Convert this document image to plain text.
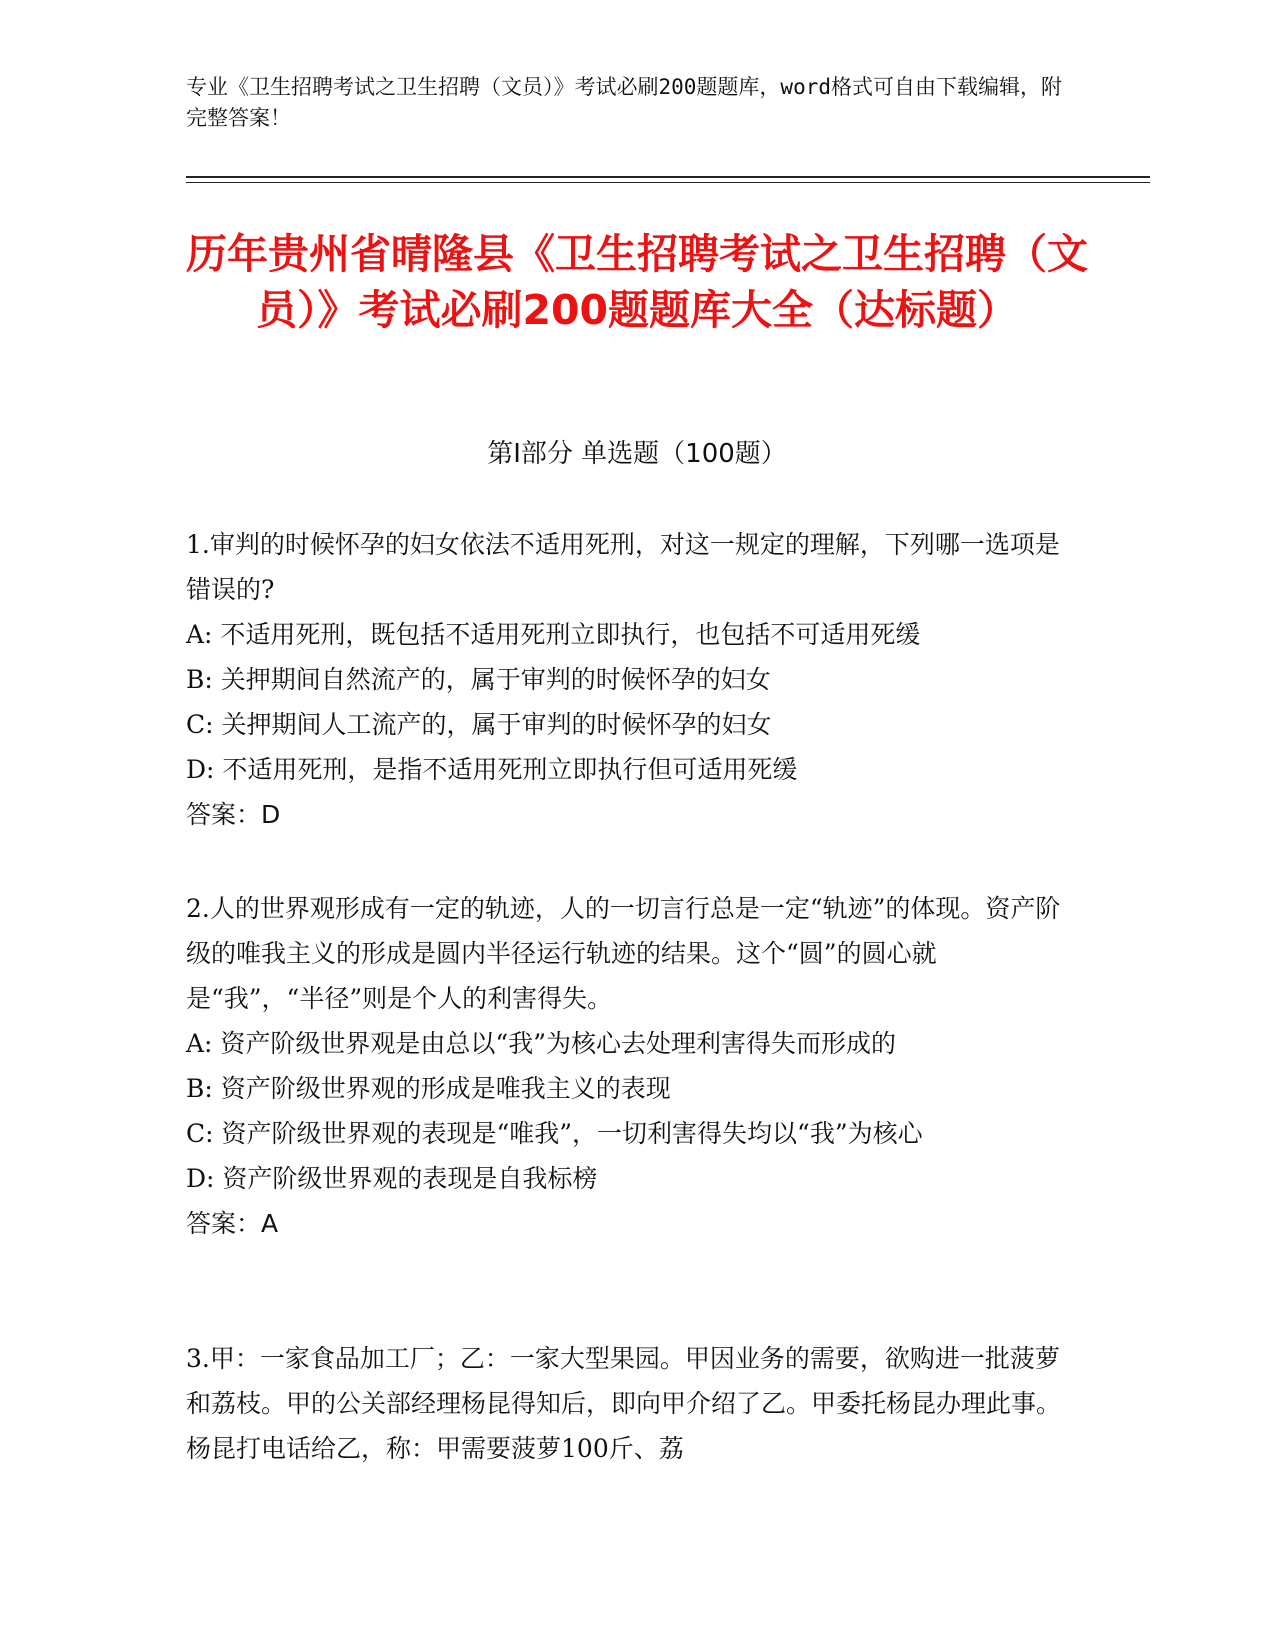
专业《卫生招聘考试之卫生招聘（文员）》考试必刷200题题库，word格式可自由下载编辑，附完整答案！
历年贵州省晴隆县《卫生招聘考试之卫生招聘（文员）》考试必刷200题题库大全（达标题）
第I部分 单选题（100题）
1.审判的时候怀孕的妇女依法不适用死刑，对这一规定的理解，下列哪一选项是错误的?
A: 不适用死刑，既包括不适用死刑立即执行，也包括不可适用死缓
B: 关押期间自然流产的，属于审判的时候怀孕的妇女
C: 关押期间人工流产的，属于审判的时候怀孕的妇女
D: 不适用死刑，是指不适用死刑立即执行但可适用死缓
答案：D
2.人的世界观形成有一定的轨迹，人的一切言行总是一定“轨迹”的体现。资产阶级的唯我主义的形成是圆内半径运行轨迹的结果。这个“圆”的圆心就是“我”，“半径”则是个人的利害得失。
A: 资产阶级世界观是由总以“我”为核心去处理利害得失而形成的
B: 资产阶级世界观的形成是唯我主义的表现
C: 资产阶级世界观的表现是“唯我”，一切利害得失均以“我”为核心
D: 资产阶级世界观的表现是自我标榜
答案：A
3.甲：一家食品加工厂；乙：一家大型果园。甲因业务的需要，欲购进一批菠萝和荔枝。甲的公关部经理杨昆得知后，即向甲介绍了乙。甲委托杨昆办理此事。杨昆打电话给乙，称：甲需要菠萝100斤、荔
